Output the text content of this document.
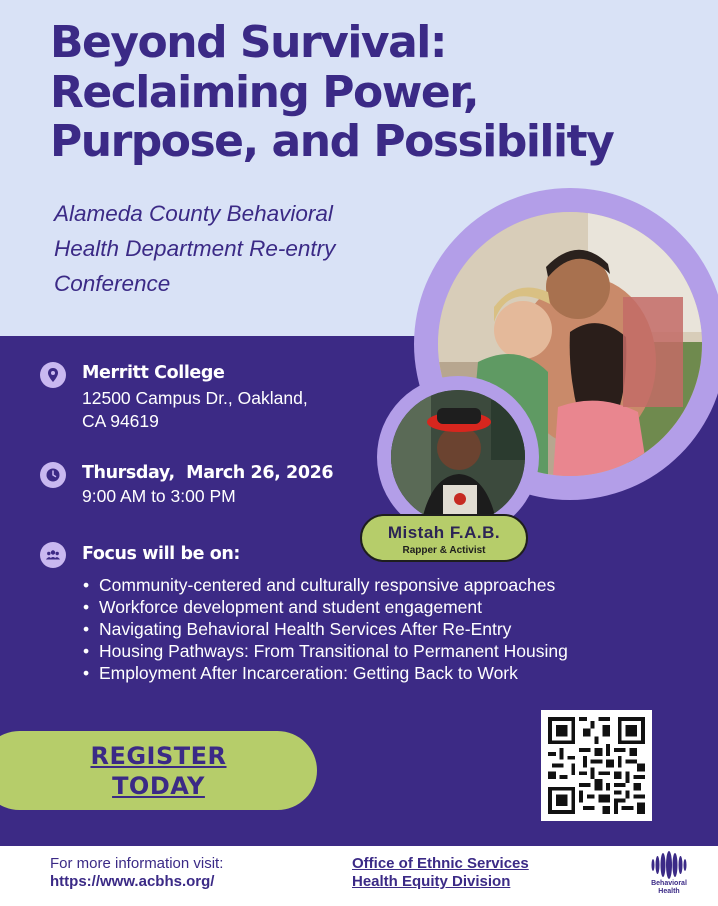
Beyond Survival:
Reclaiming Power,
Purpose, and Possibility
Alameda County Behavioral
Health Department Re-entry
Conference
Mistah F.A.B.
Rapper & Activist
Merritt College
12500 Campus Dr., Oakland,
CA 94619
Thursday,  March 26, 2026
9:00 AM to 3:00 PM
Focus will be on:
• Community-centered and culturally responsive approaches
• Workforce development and student engagement
• Navigating Behavioral Health Services After Re-Entry
• Housing Pathways: From Transitional to Permanent Housing
• Employment After Incarceration: Getting Back to Work
REGISTER
TODAY
For more information visit:
https://www.acbhs.org/
Office of Ethnic Services
Health Equity Division	Behavioral
Health
